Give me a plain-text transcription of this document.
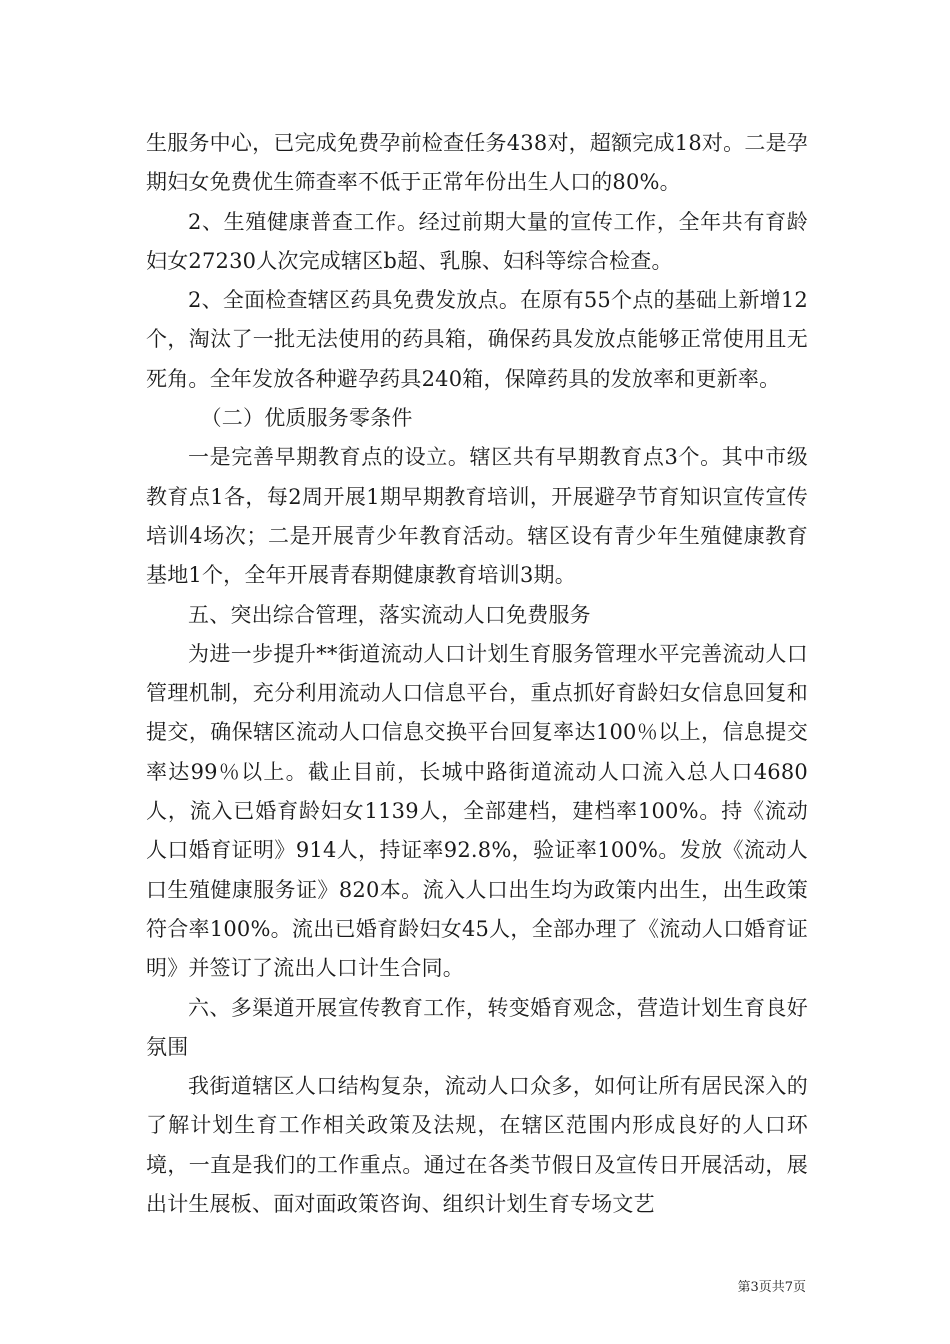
生服务中心，已完成免费孕前检查任务438对，超额完成18对。二是孕期妇女免费优生筛查率不低于正常年份出生人口的80%。

2、生殖健康普查工作。经过前期大量的宣传工作，全年共有育龄妇女27230人次完成辖区b超、乳腺、妇科等综合检查。

2、全面检查辖区药具免费发放点。在原有55个点的基础上新增12个，淘汰了一批无法使用的药具箱，确保药具发放点能够正常使用且无死角。全年发放各种避孕药具240箱，保障药具的发放率和更新率。

（二）优质服务零条件

一是完善早期教育点的设立。辖区共有早期教育点3个。其中市级教育点1各，每2周开展1期早期教育培训，开展避孕节育知识宣传宣传培训4场次；二是开展青少年教育活动。辖区设有青少年生殖健康教育基地1个，全年开展青春期健康教育培训3期。

五、突出综合管理，落实流动人口免费服务

为进一步提升**街道流动人口计划生育服务管理水平完善流动人口管理机制，充分利用流动人口信息平台，重点抓好育龄妇女信息回复和提交，确保辖区流动人口信息交换平台回复率达100％以上，信息提交率达99％以上。截止目前，长城中路街道流动人口流入总人口4680人，流入已婚育龄妇女1139人，全部建档，建档率100%。持《流动人口婚育证明》914人，持证率92.8%，验证率100%。发放《流动人口生殖健康服务证》820本。流入人口出生均为政策内出生，出生政策符合率100%。流出已婚育龄妇女45人，全部办理了《流动人口婚育证明》并签订了流出人口计生合同。

六、多渠道开展宣传教育工作，转变婚育观念，营造计划生育良好氛围

我街道辖区人口结构复杂，流动人口众多，如何让所有居民深入的了解计划生育工作相关政策及法规，在辖区范围内形成良好的人口环境，一直是我们的工作重点。通过在各类节假日及宣传日开展活动，展出计生展板、面对面政策咨询、组织计划生育专场文艺

第3页共7页
